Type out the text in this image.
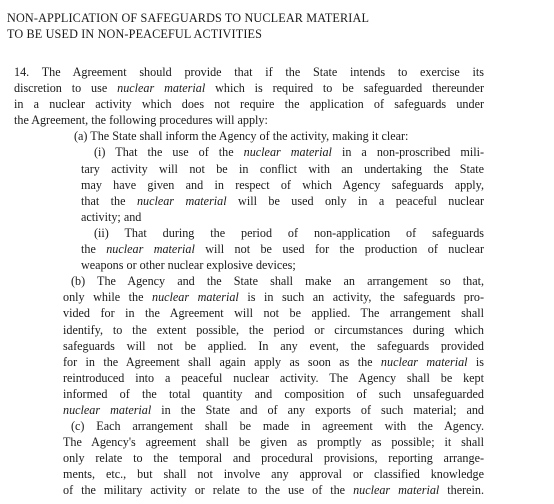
NON-APPLICATION OF SAFEGUARDS TO NUCLEAR MATERIAL
TO BE USED IN NON-PEACEFUL ACTIVITIES
14. The Agreement should provide that if the State intends to exercise its
discretion to use nuclear material which is required to be safeguarded thereunder
in a nuclear activity which does not require the application of safeguards under
the Agreement, the following procedures will apply:
(a) The State shall inform the Agency of the activity, making it clear:
(i) That the use of the nuclear material in a non-proscribed mili-
tary activity will not be in conflict with an undertaking the State
may have given and in respect of which Agency safeguards apply,
that the nuclear material will be used only in a peaceful nuclear
activity; and
(ii) That during the period of non-application of safeguards
the nuclear material will not be used for the production of nuclear
weapons or other nuclear explosive devices;
(b) The Agency and the State shall make an arrangement so that,
only while the nuclear material is in such an activity, the safeguards pro-
vided for in the Agreement will not be applied. The arrangement shall
identify, to the extent possible, the period or circumstances during which
safeguards will not be applied. In any event, the safeguards provided
for in the Agreement shall again apply as soon as the nuclear material is
reintroduced into a peaceful nuclear activity. The Agency shall be kept
informed of the total quantity and composition of such unsafeguarded
nuclear material in the State and of any exports of such material; and
(c) Each arrangement shall be made in agreement with the Agency.
The Agency's agreement shall be given as promptly as possible; it shall
only relate to the temporal and procedural provisions, reporting arrange-
ments, etc., but shall not involve any approval or classified knowledge
of the military activity or relate to the use of the nuclear material therein.
